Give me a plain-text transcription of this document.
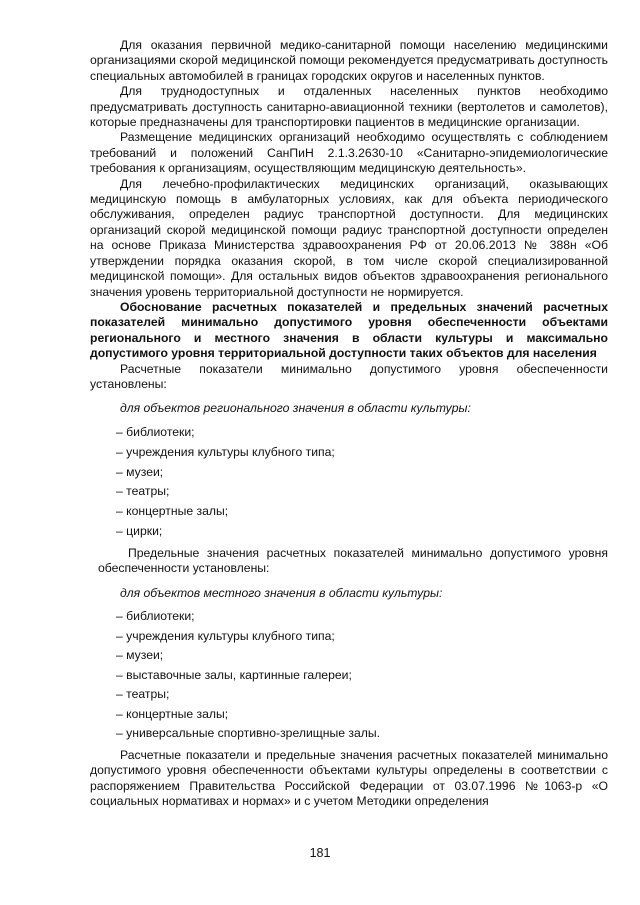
Для оказания первичной медико-санитарной помощи населению медицинскими организациями скорой медицинской помощи рекомендуется предусматривать доступность специальных автомобилей в границах городских округов и населенных пунктов.

Для труднодоступных и отдаленных населенных пунктов необходимо предусматривать доступность санитарно-авиационной техники (вертолетов и самолетов), которые предназначены для транспортировки пациентов в медицинские организации.

Размещение медицинских организаций необходимо осуществлять с соблюдением требований и положений СанПиН 2.1.3.2630-10 «Санитарно-эпидемиологические требования к организациям, осуществляющим медицинскую деятельность».

Для лечебно-профилактических медицинских организаций, оказывающих медицинскую помощь в амбулаторных условиях, как для объекта периодического обслуживания, определен радиус транспортной доступности. Для медицинских организаций скорой медицинской помощи радиус транспортной доступности определен на основе Приказа Министерства здравоохранения РФ от 20.06.2013 № 388н «Об утверждении порядка оказания скорой, в том числе скорой специализированной медицинской помощи». Для остальных видов объектов здравоохранения регионального значения уровень территориальной доступности не нормируется.

Обоснование расчетных показателей и предельных значений расчетных показателей минимально допустимого уровня обеспеченности объектами регионального и местного значения в области культуры и максимально допустимого уровня территориальной доступности таких объектов для населения

Расчетные показатели минимально допустимого уровня обеспеченности установлены:

для объектов регионального значения в области культуры:

– библиотеки;
– учреждения культуры клубного типа;
– музеи;
– театры;
– концертные залы;
– цирки;

Предельные значения расчетных показателей минимально допустимого уровня обеспеченности установлены:

для объектов местного значения в области культуры:

– библиотеки;
– учреждения культуры клубного типа;
– музеи;
– выставочные залы, картинные галереи;
– театры;
– концертные залы;
– универсальные спортивно-зрелищные залы.

Расчетные показатели и предельные значения расчетных показателей минимально допустимого уровня обеспеченности объектами культуры определены в соответствии с распоряжением Правительства Российской Федерации от 03.07.1996 №1063-р «О социальных нормативах и нормах» и с учетом Методики определения

181
